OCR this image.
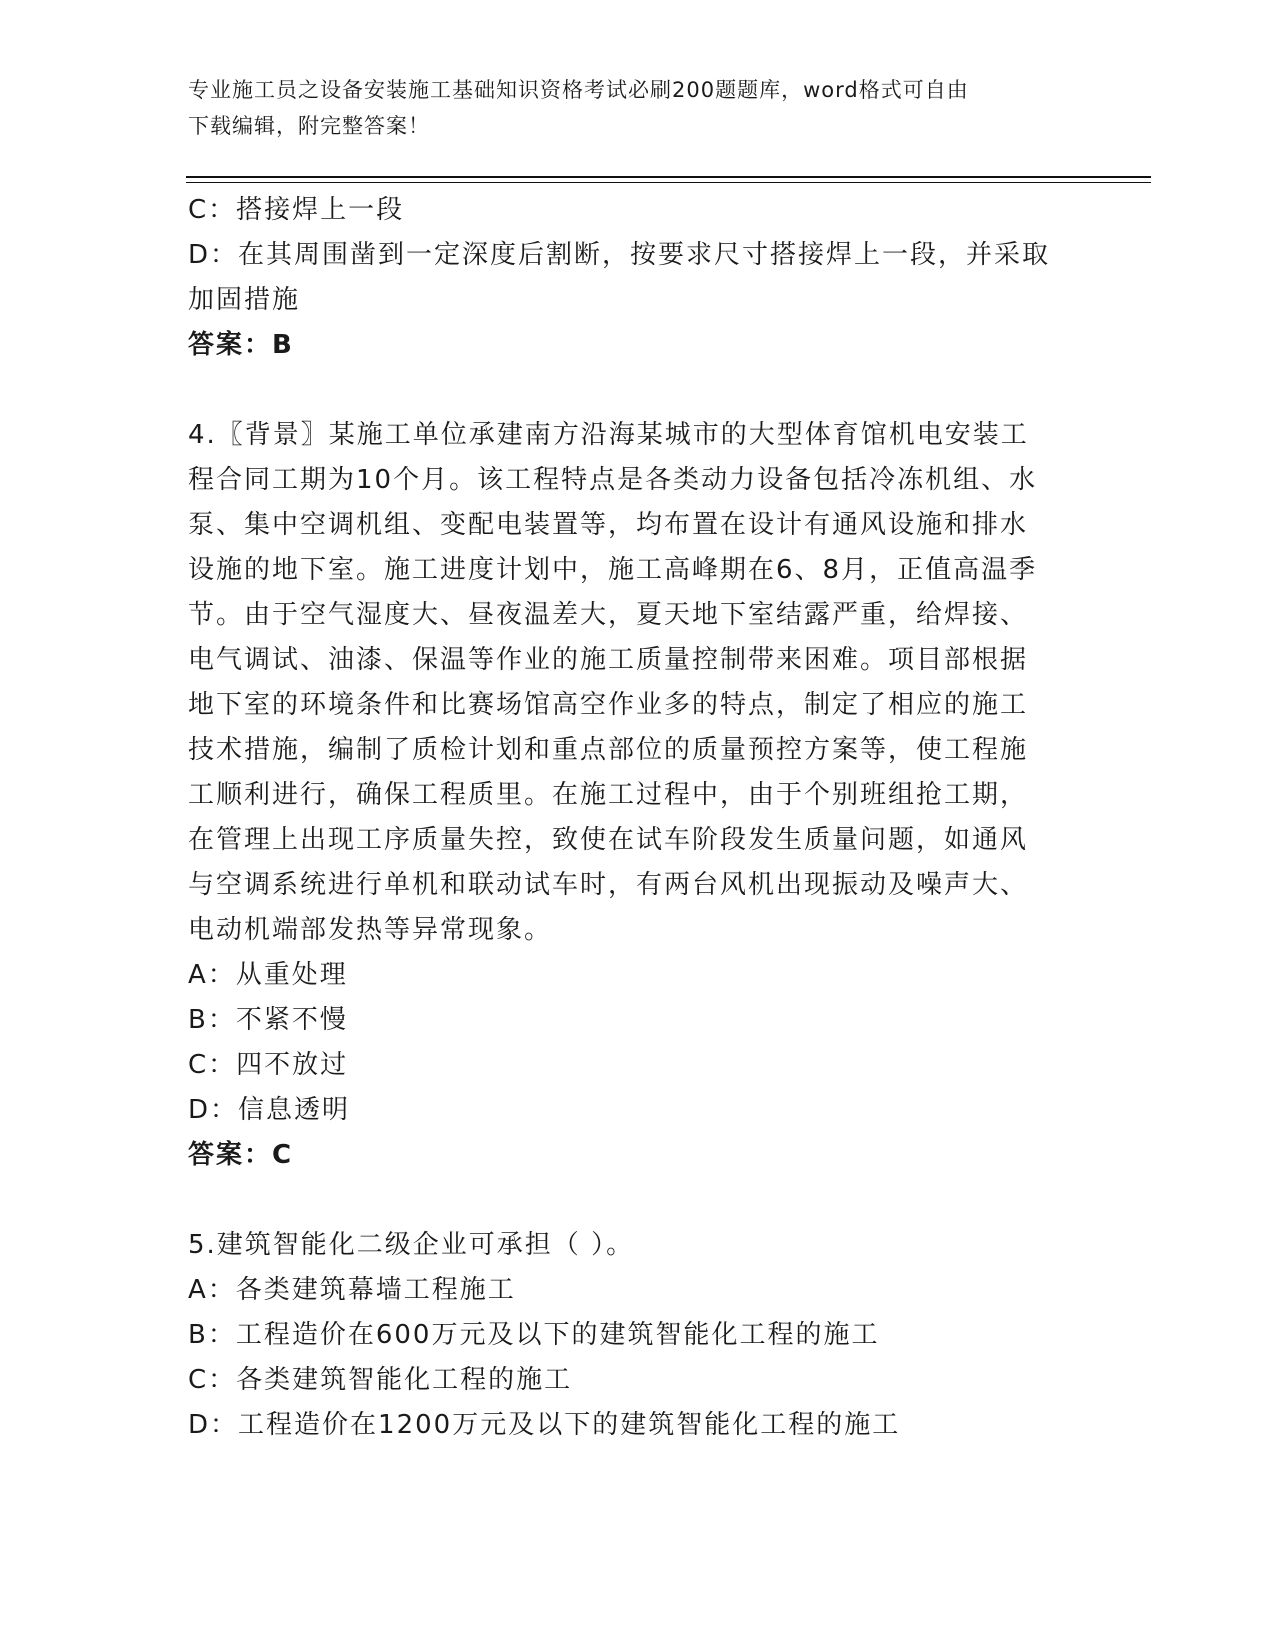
专业施工员之设备安装施工基础知识资格考试必刷200题题库，word格式可自由
下载编辑，附完整答案！
C：搭接焊上一段
D：在其周围凿到一定深度后割断，按要求尺寸搭接焊上一段，并采取
加固措施
答案：B
4.〖背景〗某施工单位承建南方沿海某城市的大型体育馆机电安装工
程合同工期为10个月。该工程特点是各类动力设备包括冷冻机组、水
泵、集中空调机组、变配电装置等，均布置在设计有通风设施和排水
设施的地下室。施工进度计划中，施工高峰期在6、8月，正值高温季
节。由于空气湿度大、昼夜温差大，夏天地下室结露严重，给焊接、
电气调试、油漆、保温等作业的施工质量控制带来困难。项目部根据
地下室的环境条件和比赛场馆高空作业多的特点，制定了相应的施工
技术措施，编制了质检计划和重点部位的质量预控方案等，使工程施
工顺利进行，确保工程质里。在施工过程中，由于个别班组抢工期，
在管理上出现工序质量失控，致使在试车阶段发生质量问题，如通风
与空调系统进行单机和联动试车时，有两台风机出现振动及噪声大、
电动机端部发热等异常现象。
A：从重处理
B：不紧不慢
C：四不放过
D：信息透明
答案：C
5.建筑智能化二级企业可承担（ ）。
A：各类建筑幕墙工程施工
B：工程造价在600万元及以下的建筑智能化工程的施工
C：各类建筑智能化工程的施工
D：工程造价在1200万元及以下的建筑智能化工程的施工
